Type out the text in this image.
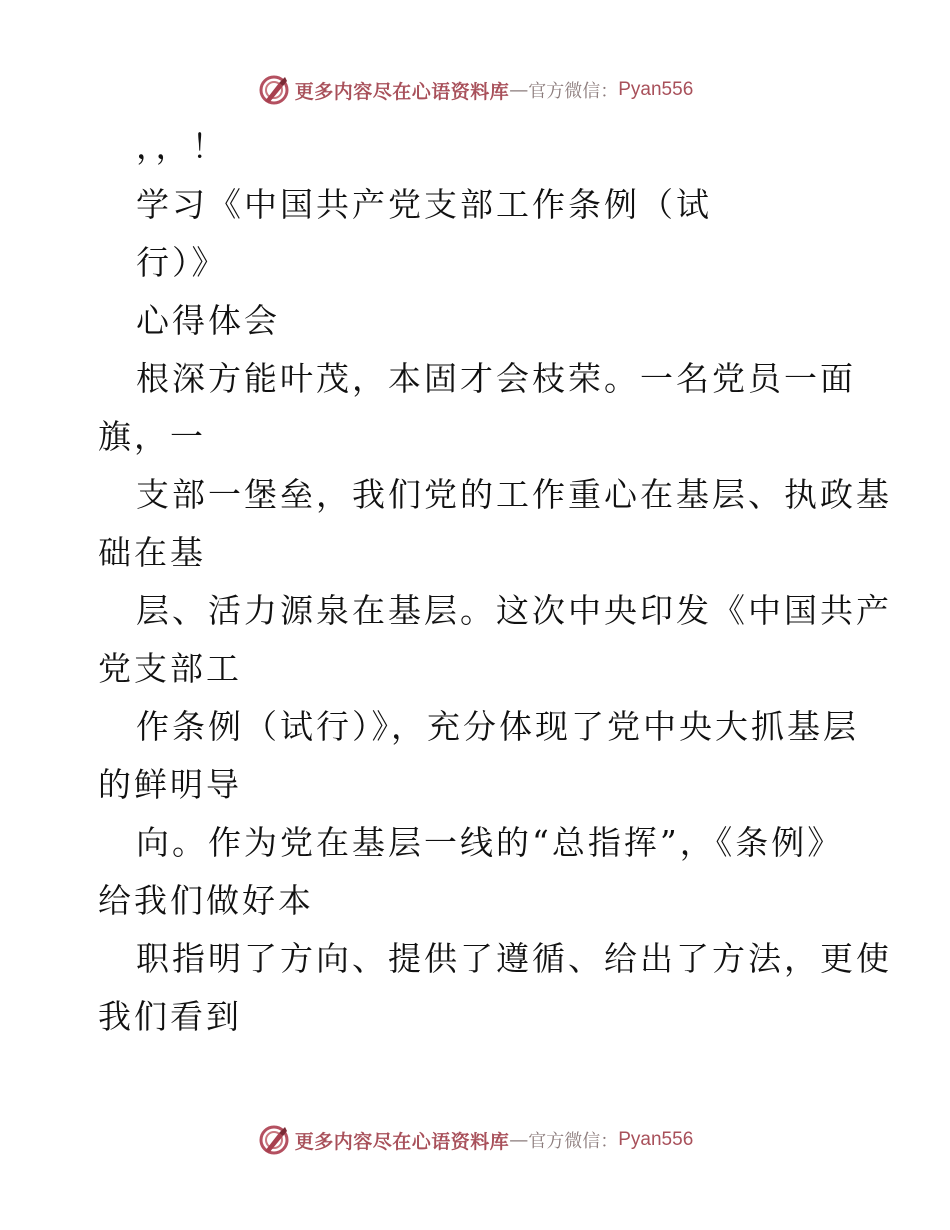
更多内容尽在心语资料库 — 官方微信： Pyan556
，，！
学习《中国共产党支部工作条例（试
行）》
心得体会
根深方能叶茂，本固才会枝荣。一名党员一面
旗，一
支部一堡垒，我们党的工作重心在基层、执政基
础在基
层、活力源泉在基层。这次中央印发《中国共产
党支部工
作条例（试行）》，充分体现了党中央大抓基层
的鲜明导
向。作为党在基层一线的“总指挥”，《条例》
给我们做好本
职指明了方向、提供了遵循、给出了方法，更使
我们看到
更多内容尽在心语资料库 — 官方微信： Pyan556
